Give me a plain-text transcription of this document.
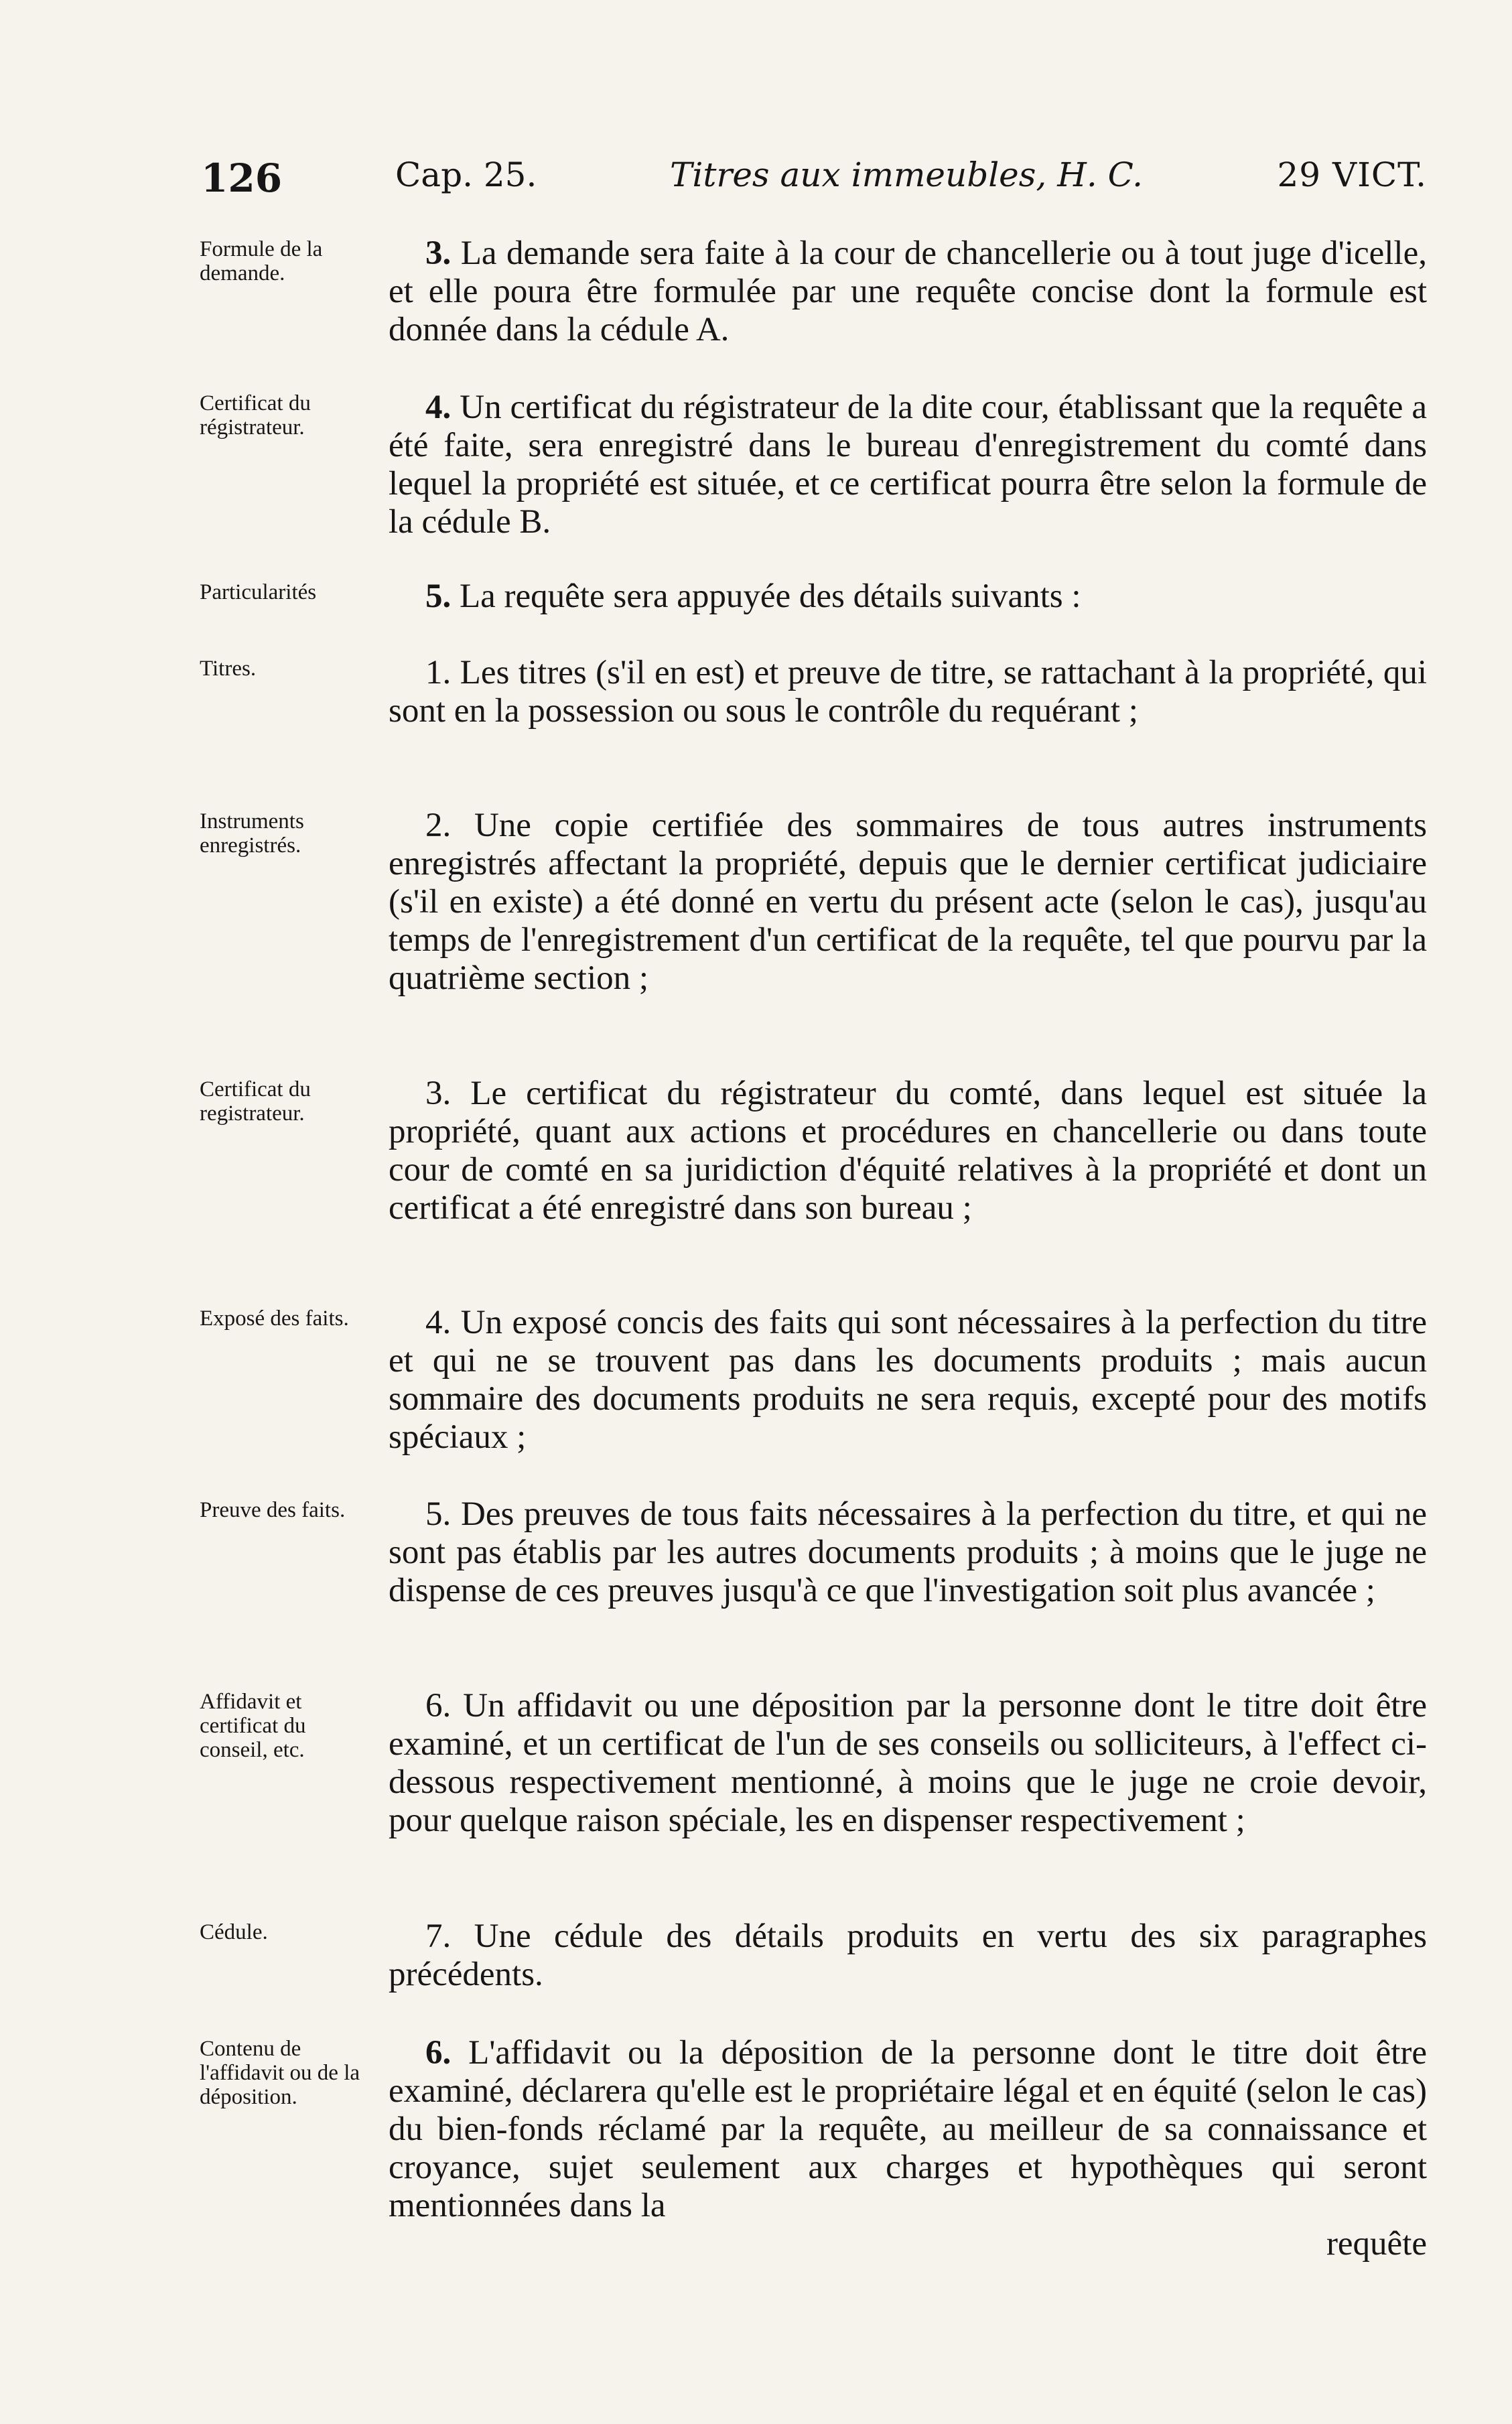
126	Cap. 25.	Titres aux immeubles, H. C.	29 VICT.
Formule de la demande.
3. La demande sera faite à la cour de chancellerie ou à tout juge d'icelle, et elle poura être formulée par une requête concise dont la formule est donnée dans la cédule A.
Certificat du régistrateur.
4. Un certificat du régistrateur de la dite cour, établissant que la requête a été faite, sera enregistré dans le bureau d'enregistrement du comté dans lequel la propriété est située, et ce certificat pourra être selon la formule de la cédule B.
Particularités	5. La requête sera appuyée des détails suivants :
Titres.	1. Les titres (s'il en est) et preuve de titre, se rattachant à la propriété, qui sont en la possession ou sous le contrôle du requérant ;
Instruments enregistrés.
2. Une copie certifiée des sommaires de tous autres instruments enregistrés affectant la propriété, depuis que le dernier certificat judiciaire (s'il en existe) a été donné en vertu du présent acte (selon le cas), jusqu'au temps de l'enregistrement d'un certificat de la requête, tel que pourvu par la quatrième section ;
Certificat du registrateur.
3. Le certificat du régistrateur du comté, dans lequel est située la propriété, quant aux actions et procédures en chancellerie ou dans toute cour de comté en sa juridiction d'équité relatives à la propriété et dont un certificat a été enregistré dans son bureau ;
Exposé des faits.	4. Un exposé concis des faits qui sont nécessaires à la perfection du titre et qui ne se trouvent pas dans les documents produits ; mais aucun sommaire des documents produits ne sera requis, excepté pour des motifs spéciaux ;
Preuve des faits.	5. Des preuves de tous faits nécessaires à la perfection du titre, et qui ne sont pas établis par les autres documents produits ; à moins que le juge ne dispense de ces preuves jusqu'à ce que l'investigation soit plus avancée ;
Affidavit et certificat du conseil, etc.
6. Un affidavit ou une déposition par la personne dont le titre doit être examiné, et un certificat de l'un de ses conseils ou solliciteurs, à l'effect ci-dessous respectivement mentionné, à moins que le juge ne croie devoir, pour quelque raison spéciale, les en dispenser respectivement ;
Cédule.	7. Une cédule des détails produits en vertu des six paragraphes précédents.
Contenu de l'affidavit ou de la déposition.
6. L'affidavit ou la déposition de la personne dont le titre doit être examiné, déclarera qu'elle est le propriétaire légal et en équité (selon le cas) du bien-fonds réclamé par la requête, au meilleur de sa connaissance et croyance, sujet seulement aux charges et hypothèques qui seront mentionnées dans la
requête
